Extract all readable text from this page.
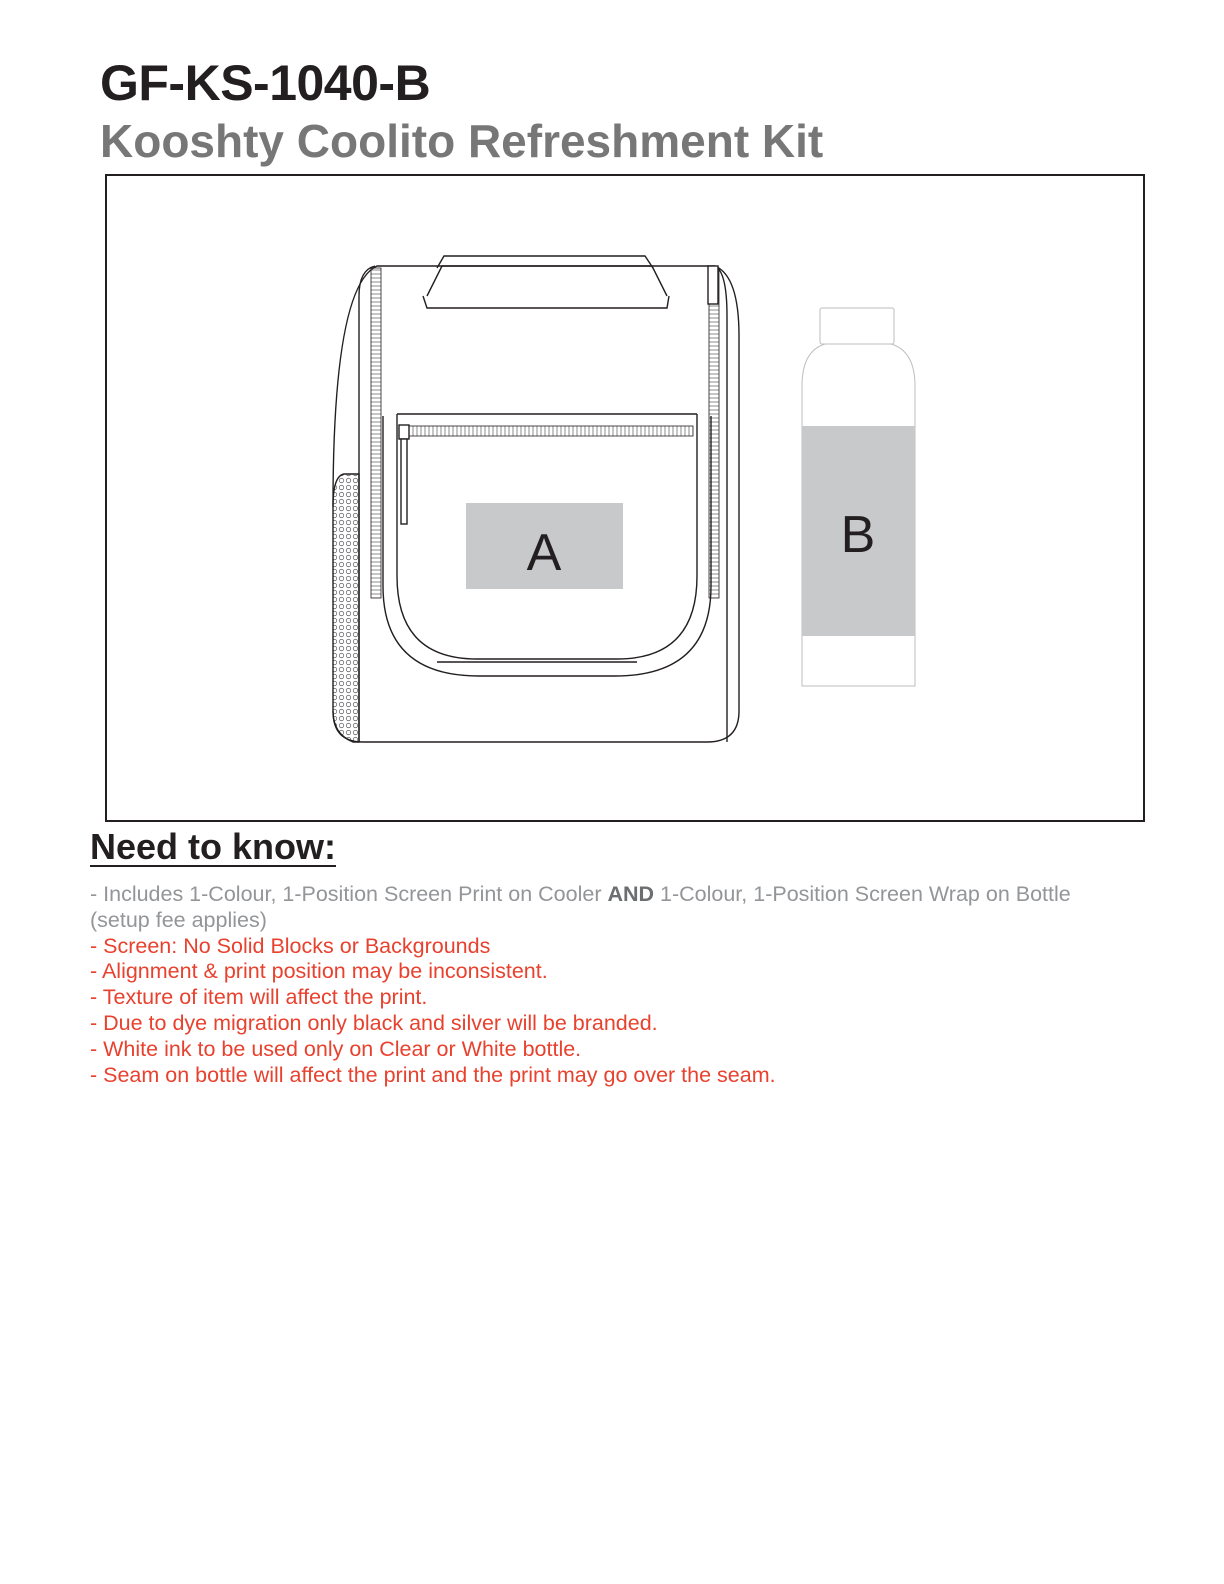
GF-KS-1040-B
Kooshty Coolito Refreshment Kit
A	B
Need to know:
- Includes 1-Colour, 1-Position Screen Print on Cooler AND 1-Colour, 1-Position Screen Wrap on Bottle (setup fee applies)
- Screen: No Solid Blocks or Backgrounds
- Alignment & print position may be inconsistent.
- Texture of item will affect the print.
- Due to dye migration only black and silver will be branded.
- White ink to be used only on Clear or White bottle.
- Seam on bottle will affect the print and the print may go over the seam.
